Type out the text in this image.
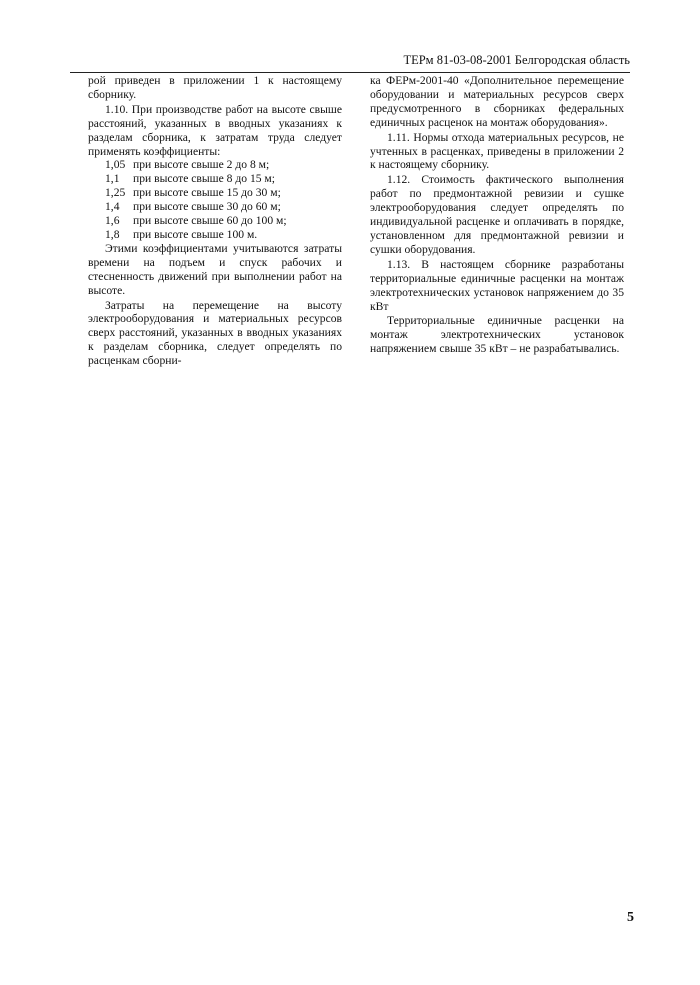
ТЕРм 81-03-08-2001 Белгородская область

рой приведен в приложении 1 к настоящему сборнику.

1.10. При производстве работ на высоте свыше расстояний, указанных в вводных указаниях к разделам сборника, к затратам труда следует применять коэффициенты:

1,05 при высоте свыше 2 до 8 м;
1,1	при высоте свыше 8 до 15 м;
1,25 при высоте свыше 15 до 30 м;
1,4	при высоте свыше 30 до 60 м;
1,6	при высоте свыше 60 до 100 м;
1,8	при высоте свыше 100 м.

Этими коэффициентами учитываются затраты времени на подъем и спуск рабочих и стесненность движений при выполнении работ на высоте.

Затраты на перемещение на высоту электрооборудования и материальных ресурсов сверх расстояний, указанных в вводных указаниях к разделам сборника, следует определять по расценкам сборни-

ка ФЕРм-2001-40 «Дополнительное перемещение оборудовании и материальных ресурсов сверх предусмотренного в сборниках федеральных единичных расценок на монтаж оборудования».

1.11. Нормы отхода материальных ресурсов, не учтенных в расценках, приведены в приложении 2 к настоящему сборнику.

1.12. Стоимость фактического выполнения работ по предмонтажной ревизии и сушке электрооборудования следует определять по индивидуальной расценке и оплачивать в порядке, установленном для предмонтажной ревизии и сушки оборудования.

1.13. В настоящем сборнике разработаны территориальные единичные расценки на монтаж электротехнических установок напряжением до 35 кВт

Территориальные единичные расценки на монтаж электротехнических установок напряжением свыше 35 кВт – не разрабатывались.

5
